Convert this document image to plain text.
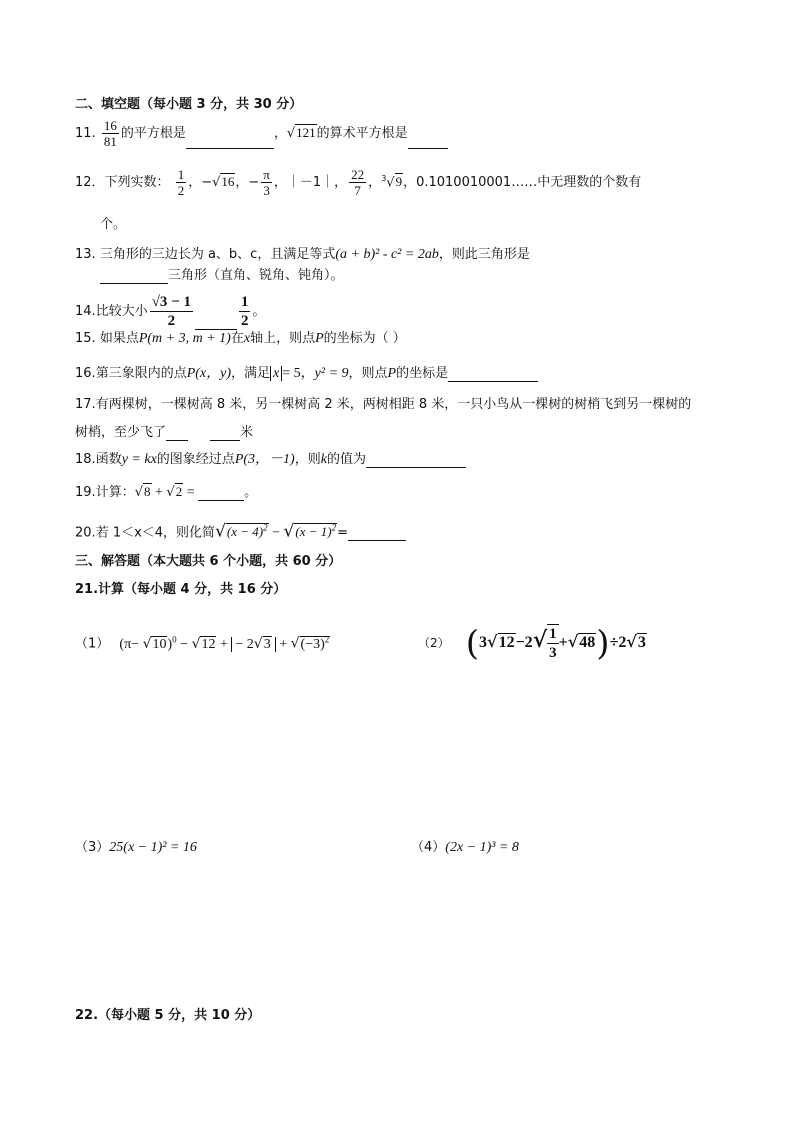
二、填空题（每小题 3 分，共 30 分）
11. $\frac{16}{81}$ 的平方根是	，√121的算术平方根是
12．下列实数： $\frac{1}{2}$ ，−√16，− $\frac{\pi}{3}$ ，｜－1｜， $\frac{22}{7}$ ，$^3$√9，0.1010010001……中无理数的个数有
个。
13. 三角形的三边长为 a、b、c，且满足等式(a + b)² - c² = 2ab，则此三角形是
三角形（直角、锐角、钝角）。
14.比较大小 $\frac{√3 - 1}{2}$	$\frac{1}{2}$ 。
15. 如果点P(m + 3, m + 1)在x轴上，则点P的坐标为（ ）
16.第三象限内的点P(x，y)，满足 x = 5，y² = 9，则点P的坐标是
17.有两棵树，一棵树高 8 米，另一棵树高 2 米，两树相距 8 米，一只小鸟从一棵树的树梢飞到另一棵树的
树梢，至少飞了	米
18.函数y = kx的图象经过点P(3，－1)，则k的值为
19.计算：√8 + √2 =	。
20.若 1＜x＜4，则化简$√(x - 4)^2 - √(x - 1)^2=$
三、解答题（本大题共 6 个小题，共 60 分）
21.计算（每小题 4 分，共 16 分）
（1） $(\pi- √10)^0 - √12$ + − $2√3 + √(-3)^2$	（2） $(3√12-2√ \frac{1}{3} +√48)\div 2√3$
（3）25(x − 1)² = 16	（4）(2x − 1)³ = 8
22.（每小题 5 分，共 10 分）
